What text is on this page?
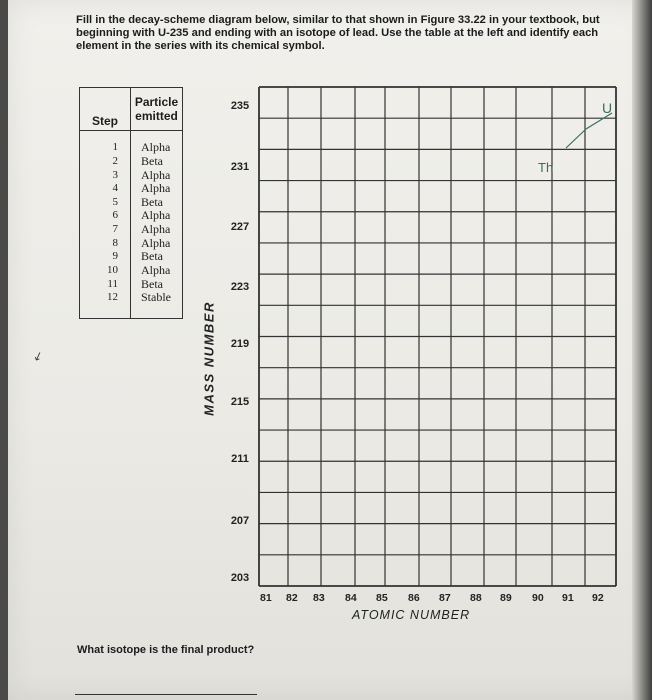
Fill in the decay-scheme diagram below, similar to that shown in Figure 33.22 in your textbook, but beginning with U-235 and ending with an isotope of lead. Use the table at the left and identify each element in the series with its chemical symbol.

Step	Particle
emitted
1	Alpha
2	Beta
3	Alpha
4	Alpha
5	Beta
6	Alpha
7	Alpha
8	Alpha
9	Beta
10	Alpha
11	Beta
12	Stable
MASS NUMBER
235
231
227
223
219
215
211
207
203
81 82 83 84 85 86 87 88 89 90 91 92
ATOMIC NUMBER
U
Th
↙
What isotope is the final product?
